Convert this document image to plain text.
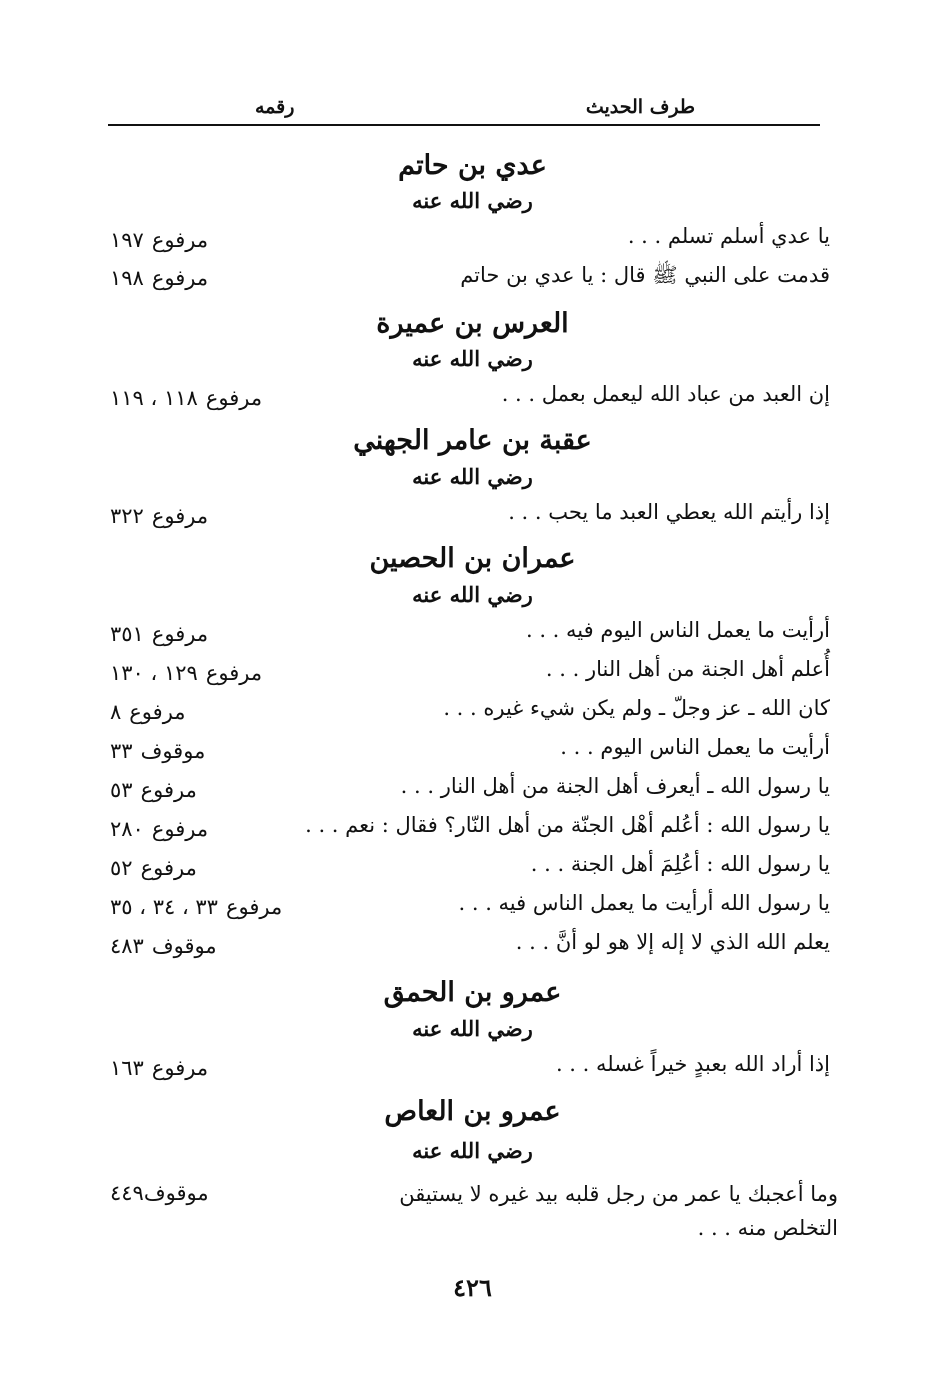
طرف الحديث
رقمه
عدي بن حاتم
رضي الله عنه
يا عدي أسلم تسلم . . .
مرفوع١٩٧
قدمت على النبي ﷺ قال : يا عدي بن حاتم
مرفوع١٩٨
العرس بن عميرة
رضي الله عنه
إن العبد من عباد الله ليعمل بعمل . . .
مرفوع١١٨ ، ١١٩
عقبة بن عامر الجهني
رضي الله عنه
إذا رأيتم الله يعطي العبد ما يحب . . .
مرفوع٣٢٢
عمران بن الحصين
رضي الله عنه
أرأيت ما يعمل الناس اليوم فيه . . .
مرفوع٣٥١
أُعلم أهل الجنة من أهل النار . . .
مرفوع١٢٩ ، ١٣٠
كان الله ـ عز وجلّ ـ ولم يكن شيء غيره . . .
مرفوع٨
أرأيت ما يعمل الناس اليوم . . .
موقوف٣٣
يا رسول الله ـ أيعرف أهل الجنة من أهل النار . . .
مرفوع٥٣
يا رسول الله : أعُلم أهْل الجنّة من أهل النّار؟ فقال : نعم . . .
مرفوع٢٨٠
يا رسول الله : أعُلِمَ أهل الجنة . . .
مرفوع٥٢
يا رسول الله أرأيت ما يعمل الناس فيه . . .
مرفوع٣٣ ، ٣٤ ، ٣٥
يعلم الله الذي لا إله إلا هو لو أنَّ . . .
موقوف٤٨٣
عمرو بن الحمق
رضي الله عنه
إذا أراد الله بعبدٍ خيراً غسله . . .
مرفوع١٦٣
عمرو بن العاص
رضي الله عنه
وما أعجبك يا عمر من رجل قلبه بيد غيره لا يستيقن التخلص منه . . .
موقوف٤٤٩
٤٢٦
